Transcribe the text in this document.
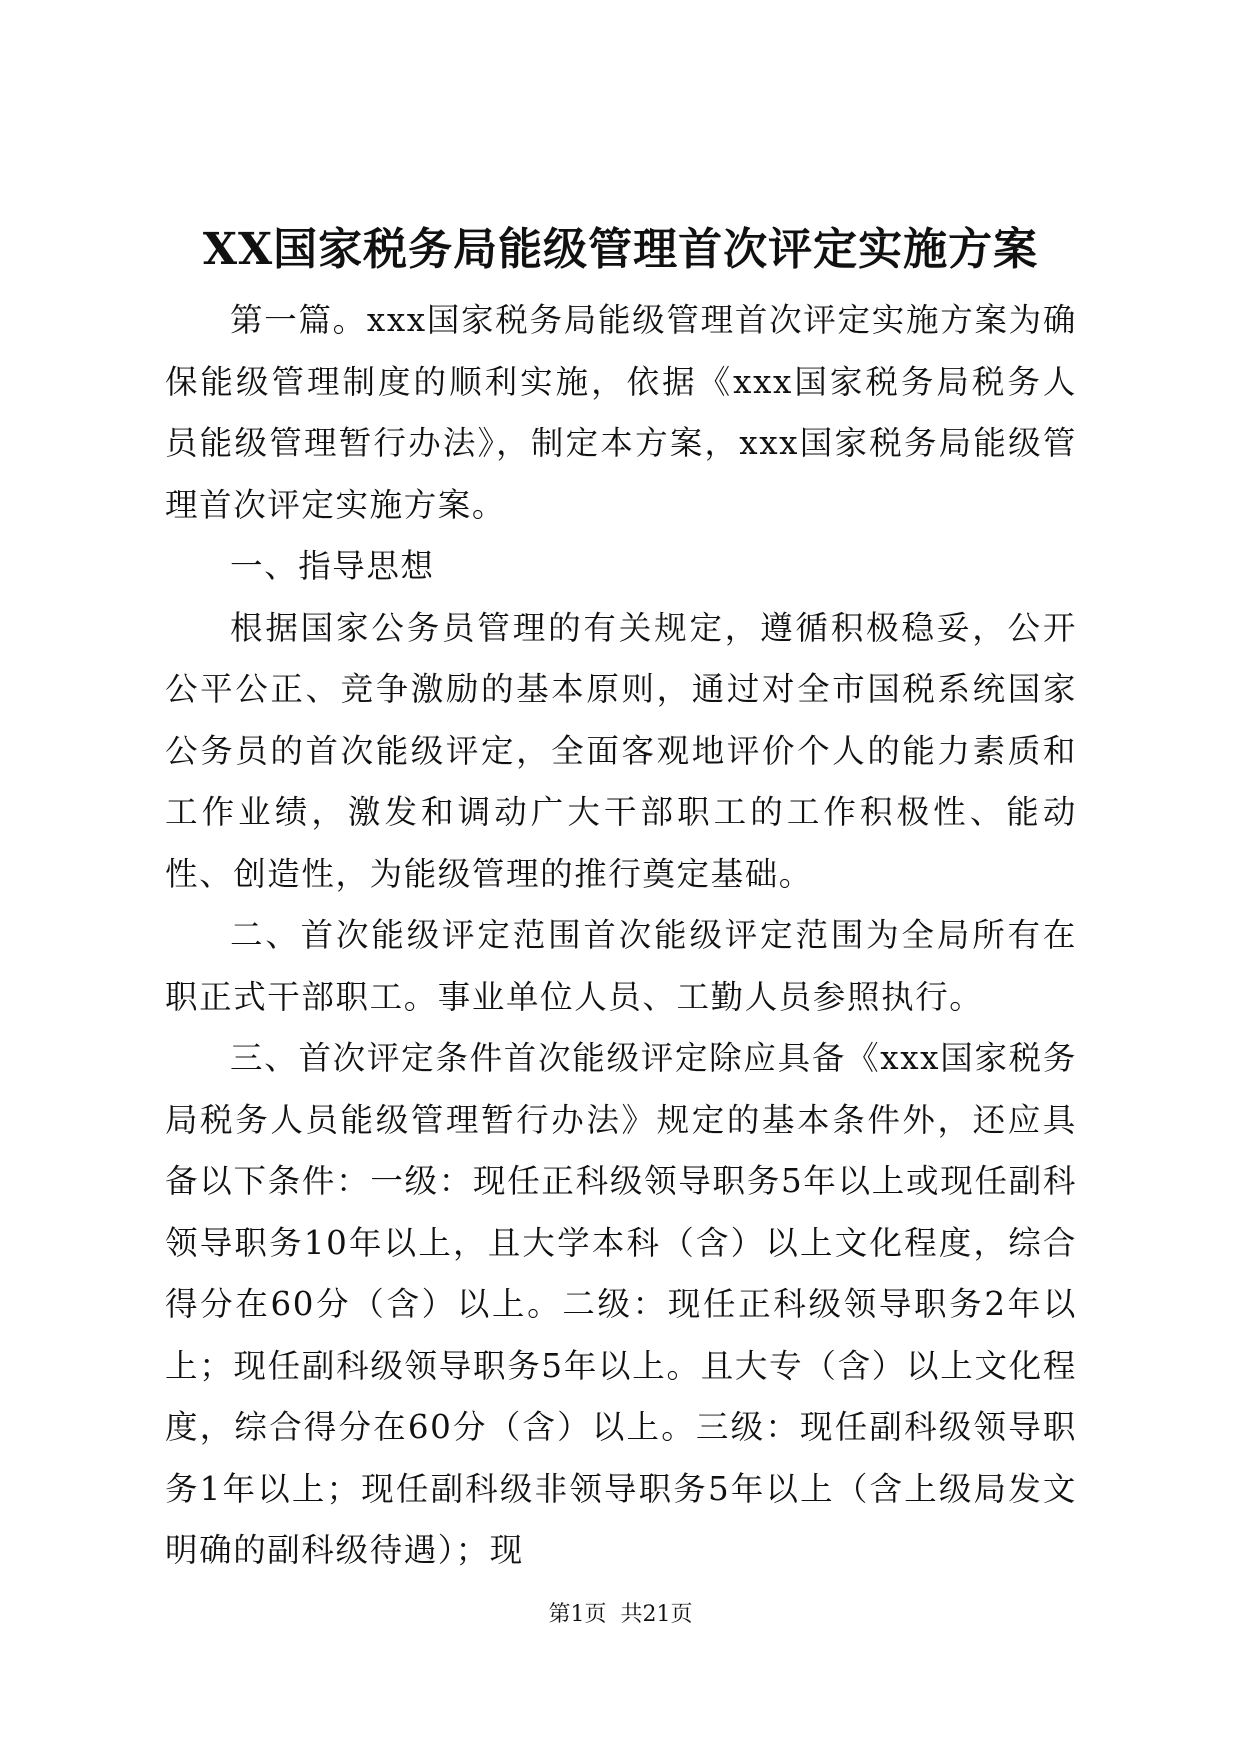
XX国家税务局能级管理首次评定实施方案

第一篇。xxx国家税务局能级管理首次评定实施方案为确保能级管理制度的顺利实施，依据《xxx国家税务局税务人员能级管理暂行办法》，制定本方案，xxx国家税务局能级管理首次评定实施方案。

一、指导思想

根据国家公务员管理的有关规定，遵循积极稳妥，公开公平公正、竞争激励的基本原则，通过对全市国税系统国家公务员的首次能级评定，全面客观地评价个人的能力素质和工作业绩，激发和调动广大干部职工的工作积极性、能动性、创造性，为能级管理的推行奠定基础。

二、首次能级评定范围首次能级评定范围为全局所有在职正式干部职工。事业单位人员、工勤人员参照执行。

三、首次评定条件首次能级评定除应具备《xxx国家税务局税务人员能级管理暂行办法》规定的基本条件外，还应具备以下条件：一级：现任正科级领导职务5年以上或现任副科领导职务10年以上，且大学本科（含）以上文化程度，综合得分在60分（含）以上。二级：现任正科级领导职务2年以上；现任副科级领导职务5年以上。且大专（含）以上文化程度，综合得分在60分（含）以上。三级：现任副科级领导职务1年以上；现任副科级非领导职务5年以上（含上级局发文明确的副科级待遇）；现

第1页  共21页
